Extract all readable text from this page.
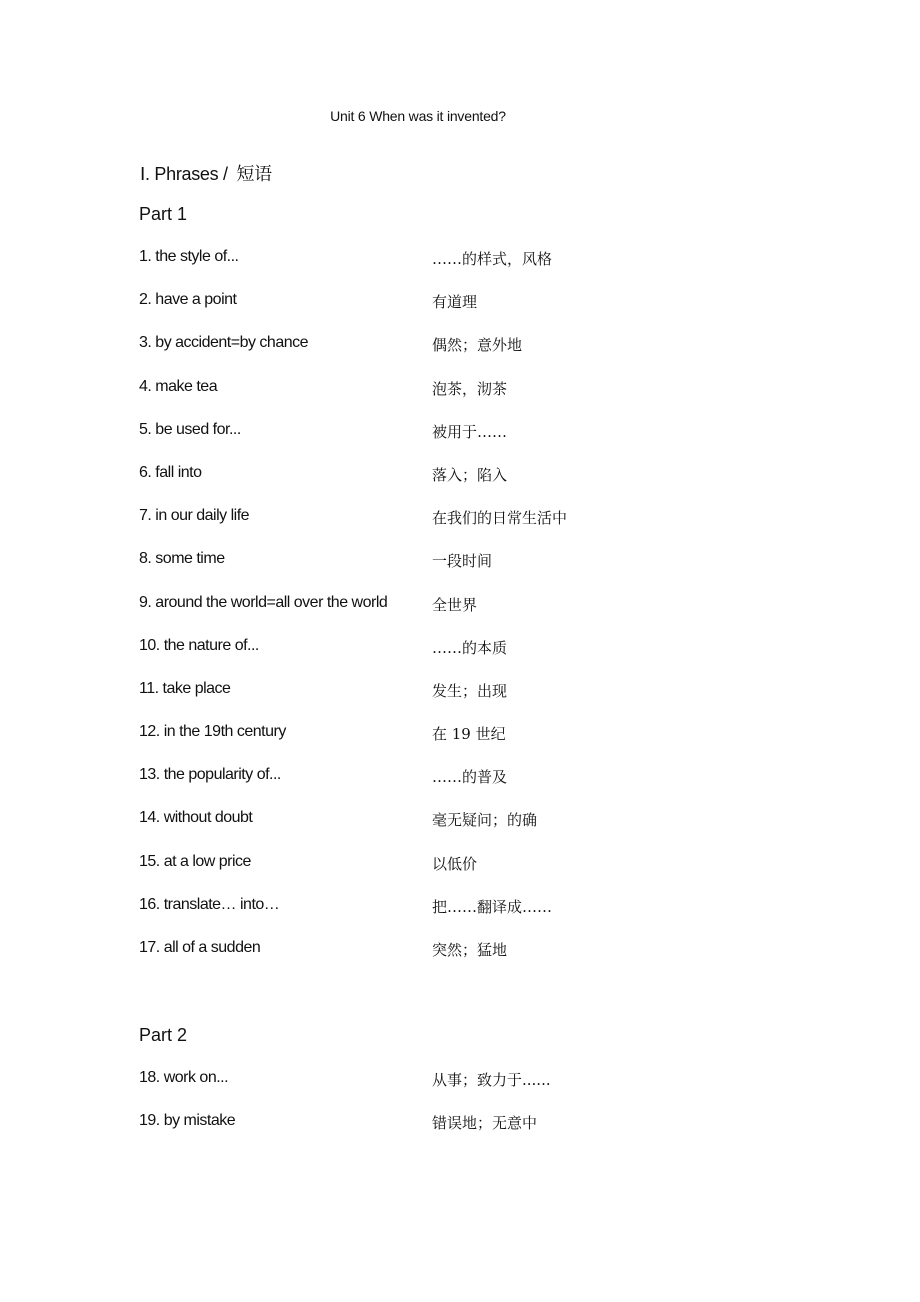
Unit 6 When was it invented?
Ⅰ. Phrases / 短语
Part 1
1. the style of...	……的样式，风格
2. have a point	有道理
3. by accident=by chance	偶然；意外地
4. make tea	泡茶，沏茶
5. be used for...	被用于……
6. fall into	落入；陷入
7. in our daily life	在我们的日常生活中
8. some time	一段时间
9. around the world=all over the world	全世界
10. the nature of...	……的本质
11. take place	发生；出现
12. in the 19th century	在 19 世纪
13. the popularity of...	……的普及
14. without doubt	毫无疑问；的确
15. at a low price	以低价
16. translate… into…	把……翻译成……
17. all of a sudden	突然；猛地
Part 2
18. work on...	从事；致力于......
19. by mistake	错误地；无意中
